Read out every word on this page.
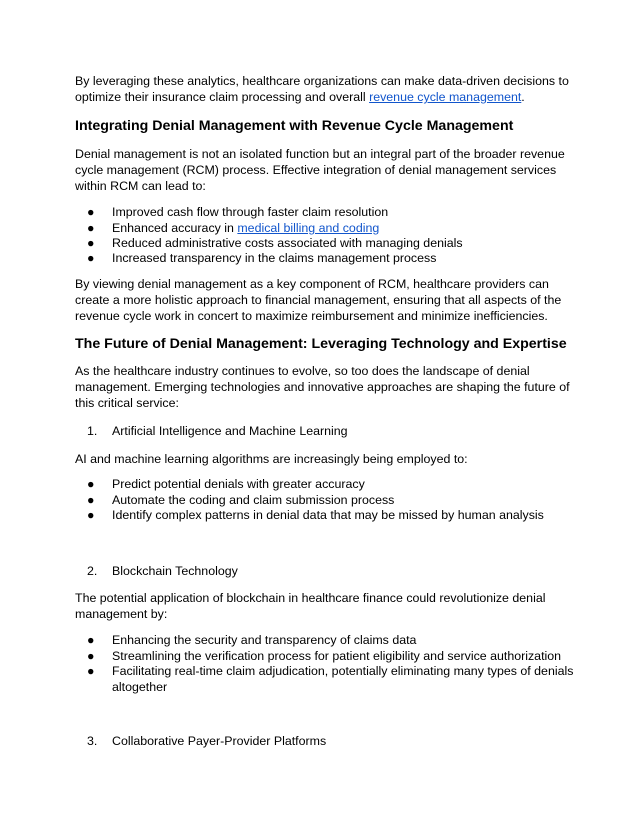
By leveraging these analytics, healthcare organizations can make data-driven decisions to optimize their insurance claim processing and overall revenue cycle management.

Integrating Denial Management with Revenue Cycle Management

Denial management is not an isolated function but an integral part of the broader revenue cycle management (RCM) process. Effective integration of denial management services within RCM can lead to:

●	Improved cash flow through faster claim resolution
●	Enhanced accuracy in medical billing and coding
●	Reduced administrative costs associated with managing denials
●	Increased transparency in the claims management process

By viewing denial management as a key component of RCM, healthcare providers can create a more holistic approach to financial management, ensuring that all aspects of the revenue cycle work in concert to maximize reimbursement and minimize inefficiencies.

The Future of Denial Management: Leveraging Technology and Expertise

As the healthcare industry continues to evolve, so too does the landscape of denial management. Emerging technologies and innovative approaches are shaping the future of this critical service:

1.	Artificial Intelligence and Machine Learning

AI and machine learning algorithms are increasingly being employed to:

●	Predict potential denials with greater accuracy
●	Automate the coding and claim submission process
●	Identify complex patterns in denial data that may be missed by human analysis
2.	Blockchain Technology

The potential application of blockchain in healthcare finance could revolutionize denial management by:

●	Enhancing the security and transparency of claims data
●	Streamlining the verification process for patient eligibility and service authorization
●	Facilitating real-time claim adjudication, potentially eliminating many types of denials altogether
3.	Collaborative Payer-Provider Platforms
